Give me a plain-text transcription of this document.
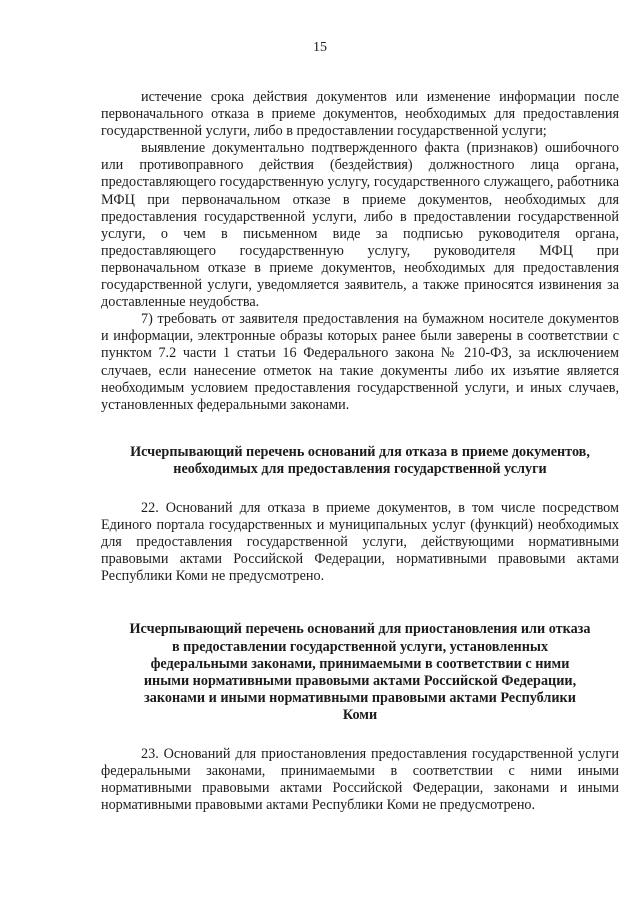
15

истечение срока действия документов или изменение информации после первоначального отказа в приеме документов, необходимых для предоставления государственной услуги, либо в предоставлении государственной услуги;

выявление документально подтвержденного факта (признаков) ошибочного или противоправного действия (бездействия) должностного лица органа, предоставляющего государственную услугу, государственного служащего, работника МФЦ при первоначальном отказе в приеме документов, необходимых для предоставления государственной услуги, либо в предоставлении государственной услуги, о чем в письменном виде за подписью руководителя органа, предоставляющего государственную услугу, руководителя МФЦ при первоначальном отказе в приеме документов, необходимых для предоставления государственной услуги, уведомляется заявитель, а также приносятся извинения за доставленные неудобства.

7) требовать от заявителя предоставления на бумажном носителе документов и информации, электронные образы которых ранее были заверены в соответствии с пунктом 7.2 части 1 статьи 16 Федерального закона № 210-ФЗ, за исключением случаев, если нанесение отметок на такие документы либо их изъятие является необходимым условием предоставления государственной услуги, и иных случаев, установленных федеральными законами.

Исчерпывающий перечень оснований для отказа в приеме документов, необходимых для предоставления государственной услуги

22. Оснований для отказа в приеме документов, в том числе посредством Единого портала государственных и муниципальных услуг (функций) необходимых для предоставления государственной услуги, действующими нормативными правовыми актами Российской Федерации, нормативными правовыми актами Республики Коми не предусмотрено.

Исчерпывающий перечень оснований для приостановления или отказа в предоставлении государственной услуги, установленных федеральными законами, принимаемыми в соответствии с ними иными нормативными правовыми актами Российской Федерации, законами и иными нормативными правовыми актами Республики Коми

23. Оснований для приостановления предоставления государственной услуги федеральными законами, принимаемыми в соответствии с ними иными нормативными правовыми актами Российской Федерации, законами и иными нормативными правовыми актами Республики Коми не предусмотрено.
